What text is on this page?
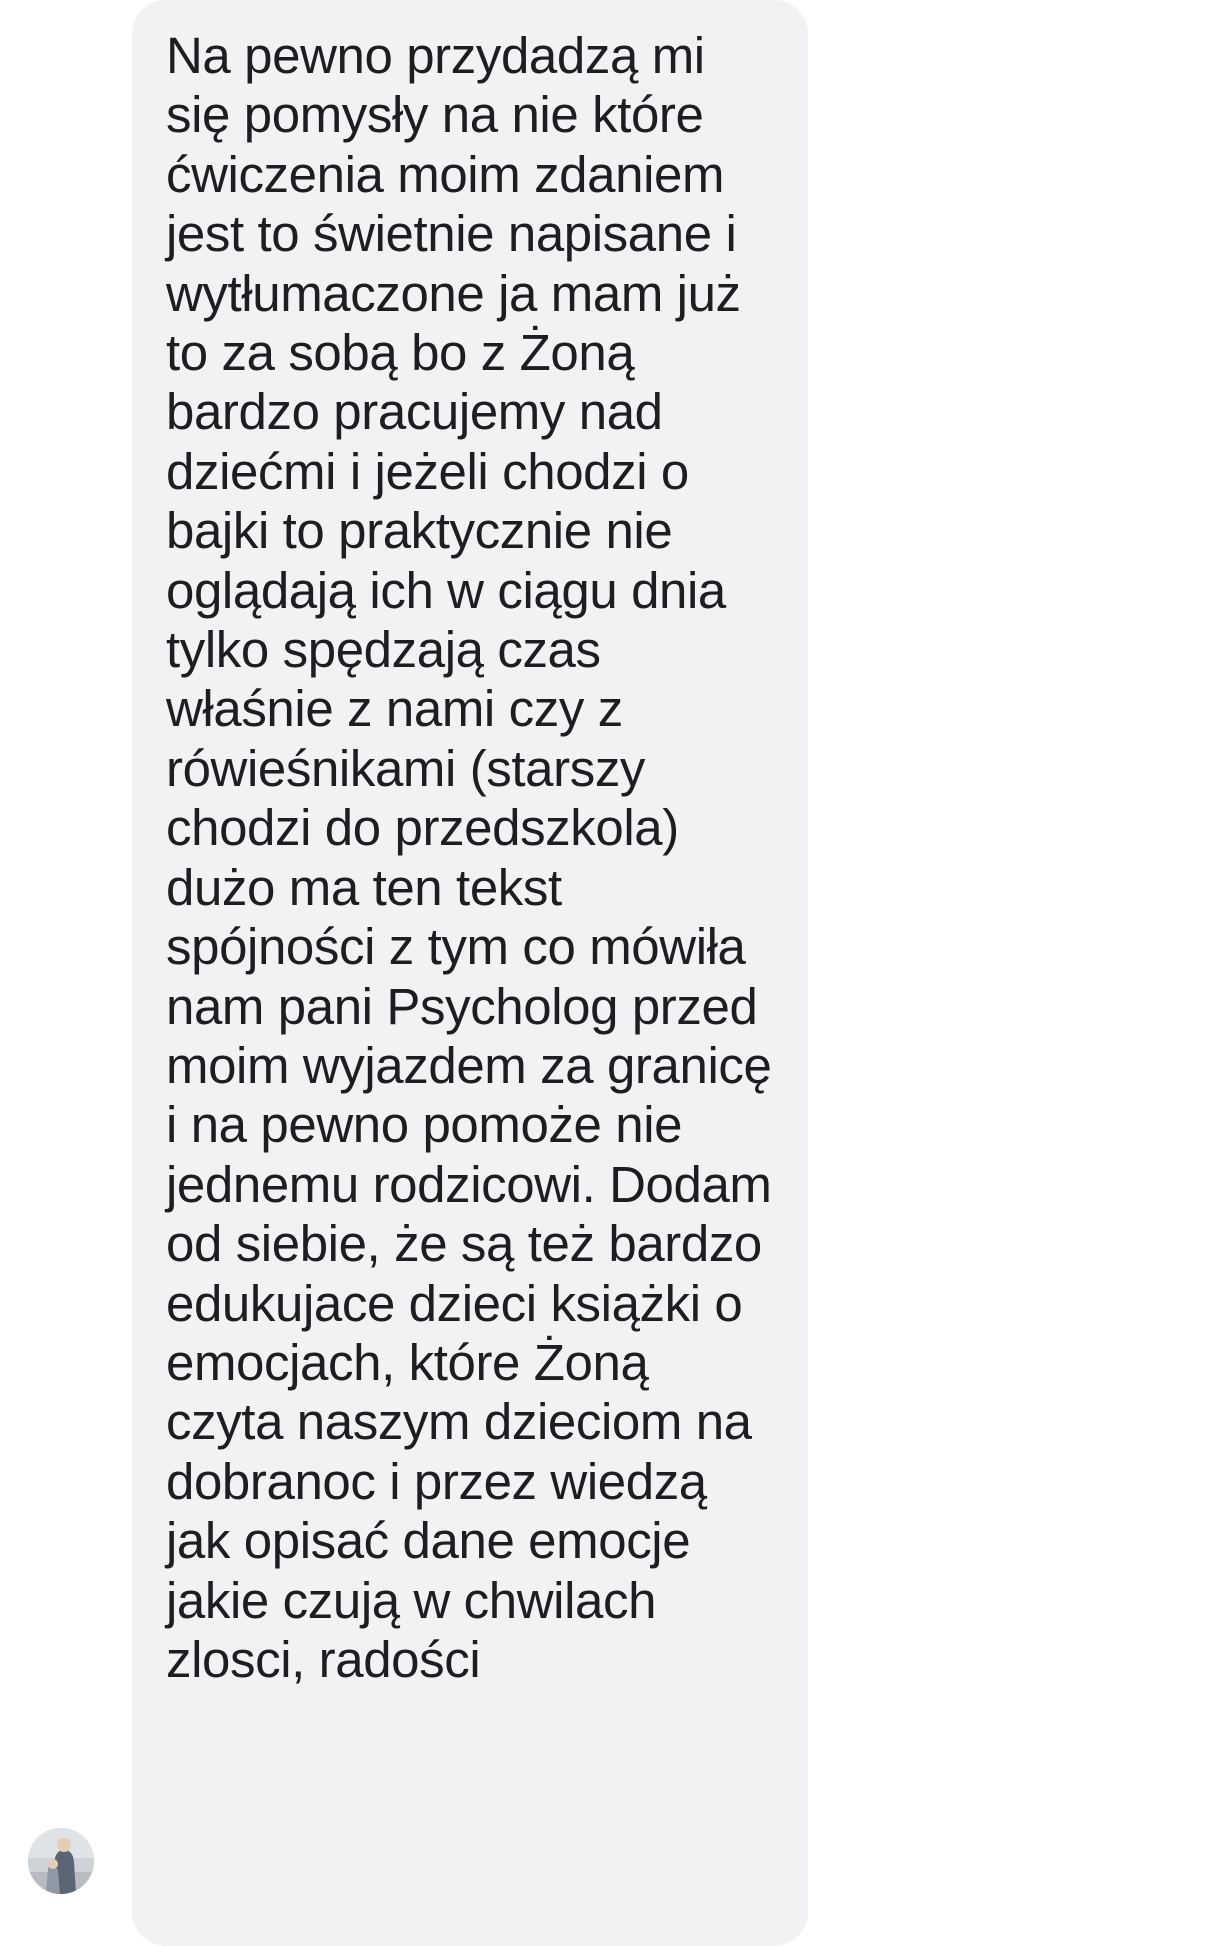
Na pewno przydadzą mi się pomysły na nie które ćwiczenia moim zdaniem jest to świetnie napisane i wytłumaczone ja mam już to za sobą bo z Żoną bardzo pracujemy nad dziećmi i jeżeli chodzi o bajki to praktycznie nie oglądają ich w ciągu dnia tylko spędzają czas właśnie z nami czy z rówieśnikami (starszy chodzi do przedszkola) dużo ma ten tekst spójności z tym co mówiła nam pani Psycholog przed moim wyjazdem za granicę i na pewno pomoże nie jednemu rodzicowi. Dodam od siebie, że są też bardzo edukujace dzieci książki o emocjach, które Żoną czyta naszym dzieciom na dobranoc i przez wiedzą jak opisać dane emocje jakie czują w chwilach zlosci, radości
